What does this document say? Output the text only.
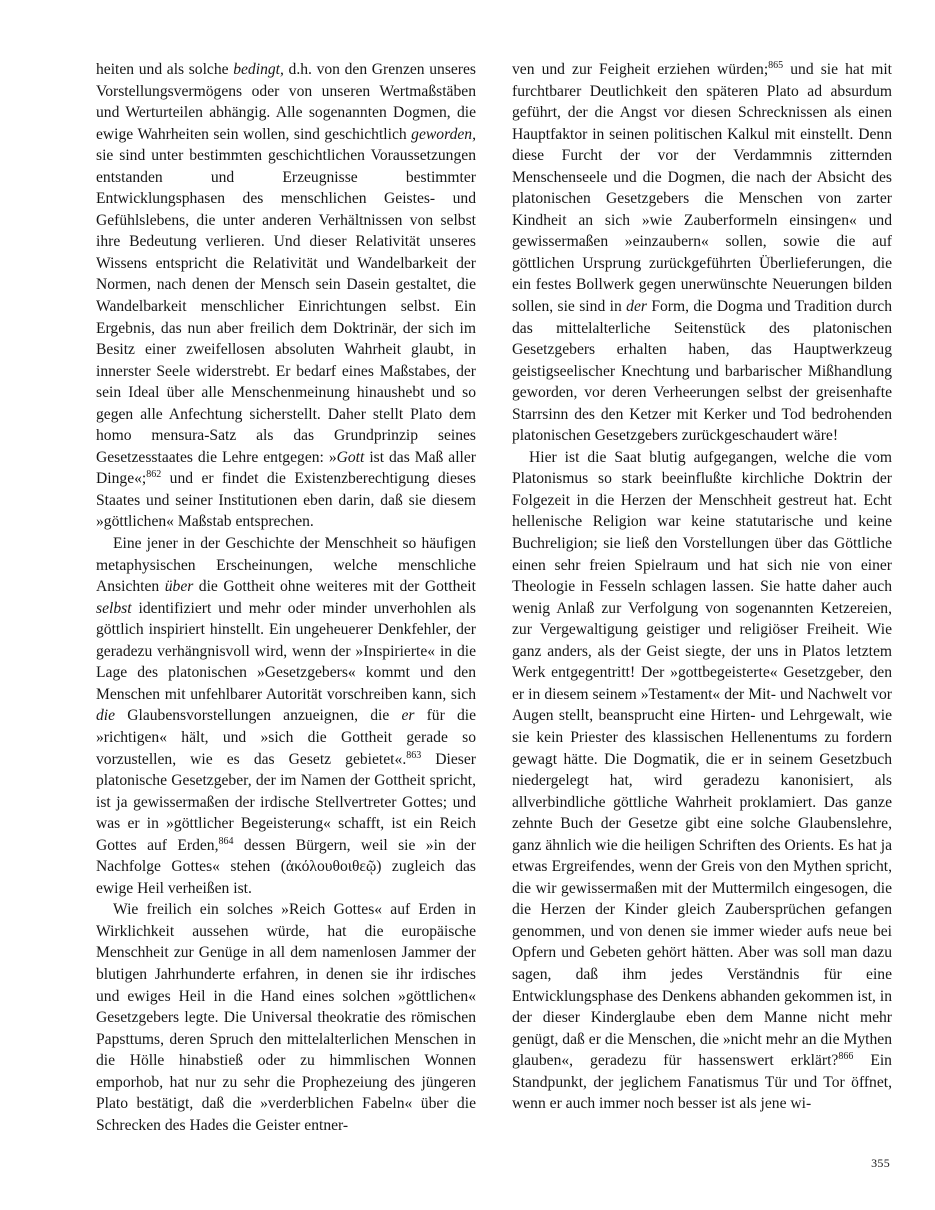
heiten und als solche bedingt, d.h. von den Grenzen unseres Vorstellungsvermögens oder von unseren Wertmaßstäben und Werturteilen abhängig. Alle sogenannten Dogmen, die ewige Wahrheiten sein wollen, sind geschichtlich geworden, sie sind unter bestimmten geschichtlichen Voraussetzungen entstanden und Erzeugnisse bestimmter Entwicklungsphasen des menschlichen Geistes- und Gefühlslebens, die unter anderen Verhältnissen von selbst ihre Bedeutung verlieren. Und dieser Relativität unseres Wissens entspricht die Relativität und Wandelbarkeit der Normen, nach denen der Mensch sein Dasein gestaltet, die Wandelbarkeit menschlicher Einrichtungen selbst. Ein Ergebnis, das nun aber freilich dem Doktrinär, der sich im Besitz einer zweifellosen absoluten Wahrheit glaubt, in innerster Seele widerstrebt. Er bedarf eines Maßstabes, der sein Ideal über alle Menschenmeinung hinaushebt und so gegen alle Anfechtung sicherstellt. Daher stellt Plato dem homo mensura-Satz als das Grundprinzip seines Gesetzesstaates die Lehre entgegen: »Gott ist das Maß aller Dinge«;$^{862}$ und er findet die Existenzberechtigung dieses Staates und seiner Institutionen eben darin, daß sie diesem »göttlichen« Maßstab entsprechen.

Eine jener in der Geschichte der Menschheit so häufigen metaphysischen Erscheinungen, welche menschliche Ansichten über die Gottheit ohne weiteres mit der Gottheit selbst identifiziert und mehr oder minder unverhohlen als göttlich inspiriert hinstellt. Ein ungeheuerer Denkfehler, der geradezu verhängnisvoll wird, wenn der »Inspirierte« in die Lage des platonischen »Gesetzgebers« kommt und den Menschen mit unfehlbarer Autorität vorschreiben kann, sich die Glaubensvorstellungen anzueignen, die er für die »richtigen« hält, und »sich die Gottheit gerade so vorzustellen, wie es das Gesetz gebietet«.$^{863}$ Dieser platonische Gesetzgeber, der im Namen der Gottheit spricht, ist ja gewissermaßen der irdische Stellvertreter Gottes; und was er in »göttlicher Begeisterung« schafft, ist ein Reich Gottes auf Erden,$^{864}$ dessen Bürgern, weil sie »in der Nachfolge Gottes« stehen (ἀκόλουθοιθεῷ) zugleich das ewige Heil verheißen ist.

Wie freilich ein solches »Reich Gottes« auf Erden in Wirklichkeit aussehen würde, hat die europäische Menschheit zur Genüge in all dem namenlosen Jammer der blutigen Jahrhunderte erfahren, in denen sie ihr irdisches und ewiges Heil in die Hand eines solchen »göttlichen« Gesetzgebers legte. Die Universal theokratie des römischen Papsttums, deren Spruch den mittelalterlichen Menschen in die Hölle hinabstieß oder zu himmlischen Wonnen emporhob, hat nur zu sehr die Prophezeiung des jüngeren Plato bestätigt, daß die »verderblichen Fabeln« über die Schrecken des Hades die Geister entner-

ven und zur Feigheit erziehen würden;$^{865}$ und sie hat mit furchtbarer Deutlichkeit den späteren Plato ad absurdum geführt, der die Angst vor diesen Schrecknissen als einen Hauptfaktor in seinen politischen Kalkul mit einstellt. Denn diese Furcht der vor der Verdammnis zitternden Menschenseele und die Dogmen, die nach der Absicht des platonischen Gesetzgebers die Menschen von zarter Kindheit an sich »wie Zauberformeln einsingen« und gewissermaßen »einzaubern« sollen, sowie die auf göttlichen Ursprung zurückgeführten Überlieferungen, die ein festes Bollwerk gegen unerwünschte Neuerungen bilden sollen, sie sind in der Form, die Dogma und Tradition durch das mittelalterliche Seitenstück des platonischen Gesetzgebers erhalten haben, das Hauptwerkzeug geistigseelischer Knechtung und barbarischer Mißhandlung geworden, vor deren Verheerungen selbst der greisenhafte Starrsinn des den Ketzer mit Kerker und Tod bedrohenden platonischen Gesetzgebers zurückgeschaudert wäre!

Hier ist die Saat blutig aufgegangen, welche die vom Platonismus so stark beeinflußte kirchliche Doktrin der Folgezeit in die Herzen der Menschheit gestreut hat. Echt hellenische Religion war keine statutarische und keine Buchreligion; sie ließ den Vorstellungen über das Göttliche einen sehr freien Spielraum und hat sich nie von einer Theologie in Fesseln schlagen lassen. Sie hatte daher auch wenig Anlaß zur Verfolgung von sogenannten Ketzereien, zur Vergewaltigung geistiger und religiöser Freiheit. Wie ganz anders, als der Geist siegte, der uns in Platos letztem Werk entgegentritt! Der »gottbegeisterte« Gesetzgeber, den er in diesem seinem »Testament« der Mit- und Nachwelt vor Augen stellt, beansprucht eine Hirten- und Lehrgewalt, wie sie kein Priester des klassischen Hellenentums zu fordern gewagt hätte. Die Dogmatik, die er in seinem Gesetzbuch niedergelegt hat, wird geradezu kanonisiert, als allverbindliche göttliche Wahrheit proklamiert. Das ganze zehnte Buch der Gesetze gibt eine solche Glaubenslehre, ganz ähnlich wie die heiligen Schriften des Orients. Es hat ja etwas Ergreifendes, wenn der Greis von den Mythen spricht, die wir gewissermaßen mit der Muttermilch eingesogen, die die Herzen der Kinder gleich Zaubersprüchen gefangen genommen, und von denen sie immer wieder aufs neue bei Opfern und Gebeten gehört hätten. Aber was soll man dazu sagen, daß ihm jedes Verständnis für eine Entwicklungsphase des Denkens abhanden gekommen ist, in der dieser Kinderglaube eben dem Manne nicht mehr genügt, daß er die Menschen, die »nicht mehr an die Mythen glauben«, geradezu für hassenswert erklärt?$^{866}$ Ein Standpunkt, der jeglichem Fanatismus Tür und Tor öffnet, wenn er auch immer noch besser ist als jene wi-

355
